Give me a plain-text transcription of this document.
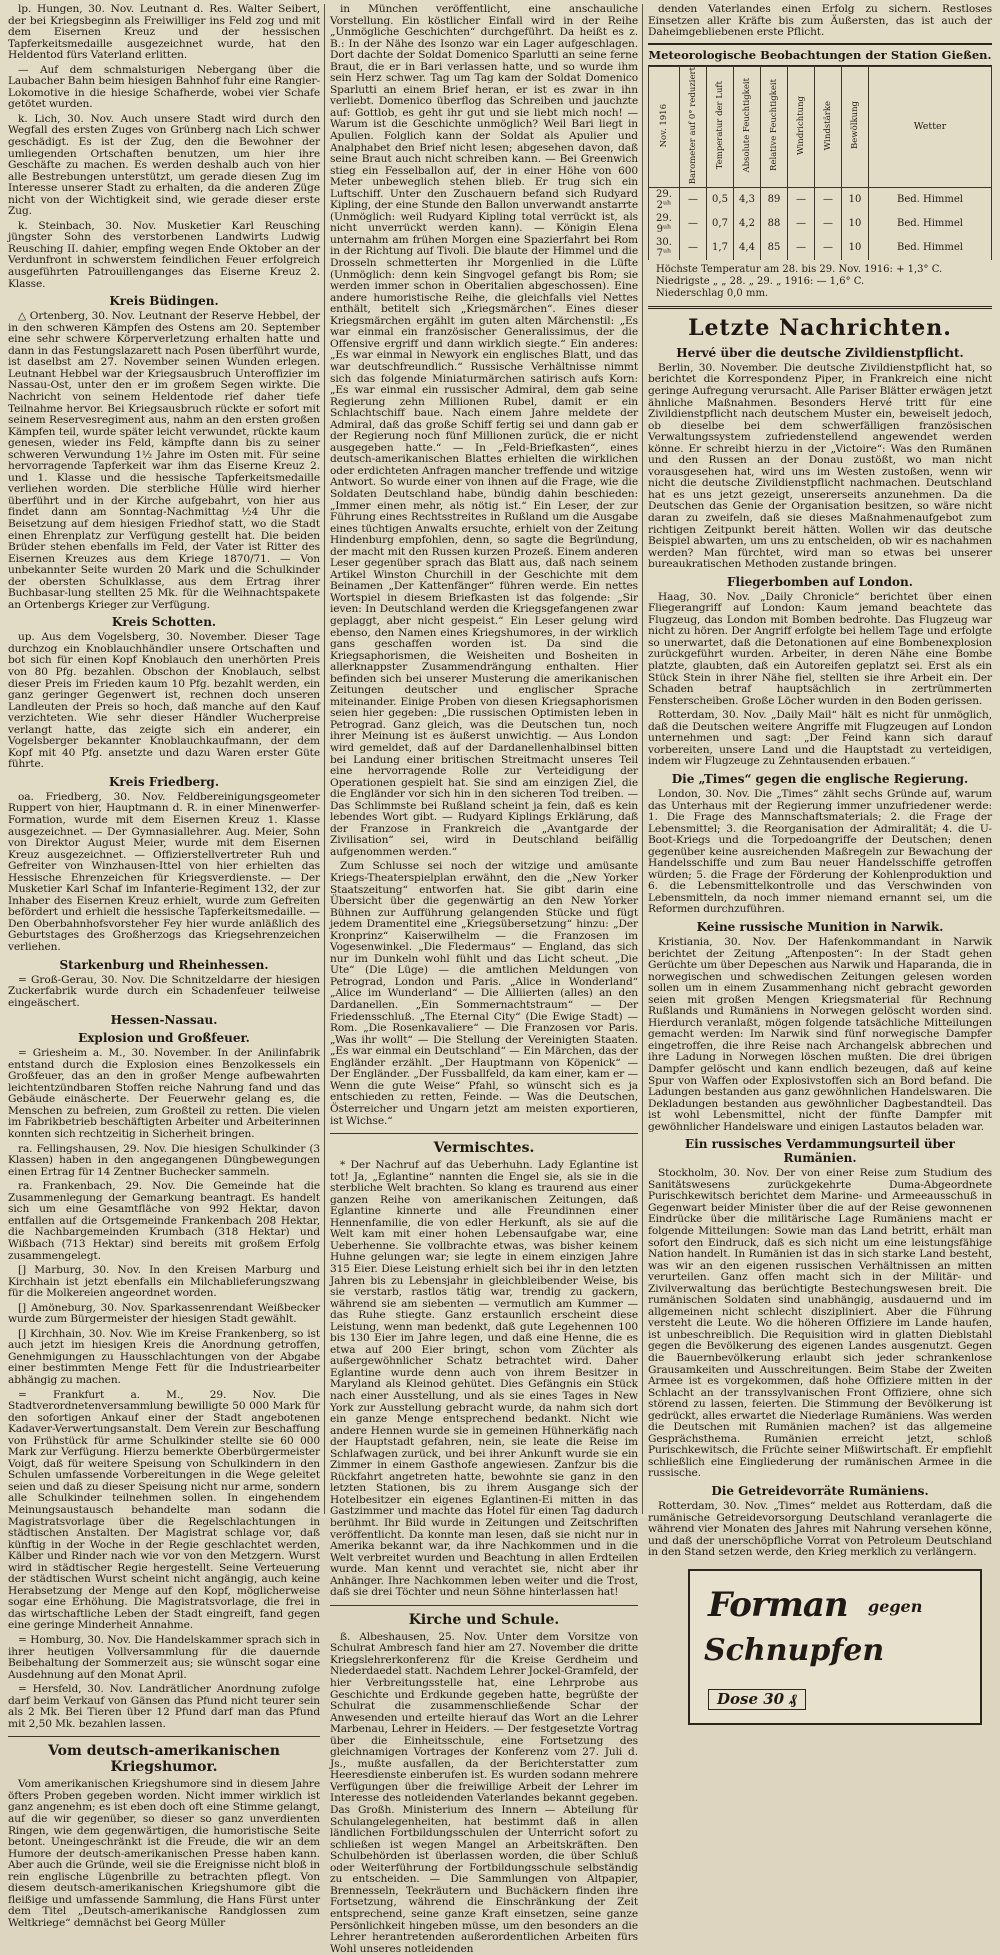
lp. Hungen, 30. Nov. Leutnant d. Res. Walter Seibert, der bei Kriegsbeginn als Freiwilliger ins Feld zog und mit dem Eisernen Kreuz und der hessischen Tapferkeitsmedaille ausgezeichnet wurde, hat den Heldentod fürs Vaterland erlitten.

— Auf dem schmalsturigen Nebergang über die Laubacher Bahn beim hiesigen Bahnhof fuhr eine Rangier-Lokomotive in die hiesige Schafherde, wobei vier Schafe getötet wurden.

k. Lich, 30. Nov. Auch unsere Stadt wird durch den Wegfall des ersten Zuges von Grünberg nach Lich schwer geschädigt. Es ist der Zug, den die Bewohner der umliegenden Ortschaften benutzen, um hier ihre Geschäfte zu machen. Es werden deshalb auch von hier alle Bestrebungen unterstützt, um gerade diesen Zug im Interesse unserer Stadt zu erhalten, da die anderen Züge nicht von der Wichtigkeit sind, wie gerade dieser erste Zug.

k. Steinbach, 30. Nov. Musketier Karl Reusching jüngster Sohn des verstorbenen Landwirts Ludwig Reusching II. dahier, empfing wegen Ende Oktober an der Verdunfront in schwerstem feindlichen Feuer erfolgreich ausgeführten Patrouillenganges das Eiserne Kreuz 2. Klasse.

Kreis Büdingen.

△ Ortenberg, 30. Nov. Leutnant der Reserve Hebbel, der in den schweren Kämpfen des Ostens am 20. September eine sehr schwere Körperverletzung erhalten hatte und dann in das Festungslazarett nach Posen überführt wurde, ist daselbst am 27. November seinen Wunden erlegen. Leutnant Hebbel war der Kriegsausbruch Unteroffizier im Nassau-Ost, unter den er im großem Segen wirkte. Die Nachricht von seinem Heldentode rief daher tiefe Teilnahme hervor. Bei Kriegsausbruch rückte er sofort mit seinem Reservesregiment aus, nahm an den ersten großen Kämpfen teil, wurde später leicht verwundet, rückte kaum genesen, wieder ins Feld, kämpfte dann bis zu seiner schweren Verwundung 1½ Jahre im Osten mit. Für seine hervorragende Tapferkeit war ihm das Eiserne Kreuz 2. und 1. Klasse und die hessische Tapferkeitsmedaille verliehen worden. Die sterbliche Hülle wird hierher überführt und in der Kirche aufgebahrt, von hier aus findet dann am Sonntag-Nachmittag ½4 Uhr die Beisetzung auf dem hiesigen Friedhof statt, wo die Stadt einen Ehrenplatz zur Verfügung gestellt hat. Die beiden Brüder stehen ebenfalls im Feld, der Vater ist Ritter des Eisernen Kreuzes aus dem Kriege 1870/71. — Von unbekannter Seite wurden 20 Mark und die Schulkinder der obersten Schulklasse, aus dem Ertrag ihrer Buchbasar-lung stellten 25 Mk. für die Weihnachtspakete an Ortenbergs Krieger zur Verfügung.

Kreis Schotten.

up. Aus dem Vogelsberg, 30. November. Dieser Tage durchzog ein Knoblauchhändler unsere Ortschaften und bot sich für einen Kopf Knoblauch den unerhörten Preis von 80 Pfg. bezahlen. Obschon der Knoblauch, selbst dieser Preis im Frieden kaum 10 Pfg. bezahlt werden, ein ganz geringer Gegenwert ist, rechnen doch unseren Landleuten der Preis so hoch, daß manche auf den Kauf verzichteten. Wie sehr dieser Händler Wucherpreise verlangt hatte, das zeigte sich ein anderer, ein Vogelsberger bekannter Knoblauchkaufmann, der dem Kopf mit 40 Pfg. ansetzte und dazu Waren erster Güte führte.

Kreis Friedberg.

oa. Friedberg, 30. Nov. Feldbereinigungsgeometer Ruppert von hier, Hauptmann d. R. in einer Minenwerfer-Formation, wurde mit dem Eisernen Kreuz 1. Klasse ausgezeichnet. — Der Gymnasiallehrer. Aug. Meier, Sohn von Direktor August Meier, wurde mit dem Eisernen Kreuz ausgezeichnet. — Offizierstellvertreter Ruh und Gefreiter von Winzhausen-Ittel von hier erhielten das Hessische Ehrenzeichen für Kriegsverdienste. — Der Musketier Karl Schaf im Infanterie-Regiment 132, der zur Inhaber des Eisernen Kreuz erhielt, wurde zum Gefreiten befördert und erhielt die hessische Tapferkeitsmedaille. — Den Oberbahnhofsvorsteher Fey hier wurde anläßlich des Geburtstages des Großherzogs das Kriegsehrenzeichen verliehen.

Starkenburg und Rheinhessen.

= Groß-Gerau, 30. Nov. Die Schnitzeldarre der hiesigen Zuckerfabrik wurde durch ein Schadenfeuer teilweise eingeäschert.

Hessen-Nassau.
Explosion und Großfeuer.

= Griesheim a. M., 30. November. In der Anilinfabrik entstand durch die Explosion eines Benzolkessels ein Großfeuer, das an den in großer Menge aufbewahrten leichtentzündbaren Stoffen reiche Nahrung fand und das Gebäude einäscherte. Der Feuerwehr gelang es, die Menschen zu befreien, zum Großteil zu retten. Die vielen im Fabrikbetrieb beschäftigten Arbeiter und Arbeiterinnen konnten sich rechtzeitig in Sicherheit bringen.

ra. Fellingshausen, 29. Nov. Die hiesigen Schulkinder (3 Klassen) haben in den angegangenen Düngbewegungen einen Ertrag für 14 Zentner Buchecker sammeln.

ra. Frankenbach, 29. Nov. Die Gemeinde hat die Zusammenlegung der Gemarkung beantragt. Es handelt sich um eine Gesamtfläche von 992 Hektar, davon entfallen auf die Ortsgemeinde Frankenbach 208 Hektar, die Nachbargemeinden Krumbach (318 Hektar) und Wißbach (713 Hektar) sind bereits mit großem Erfolg zusammengelegt.

[] Marburg, 30. Nov. In den Kreisen Marburg und Kirchhain ist jetzt ebenfalls ein Milchablieferungszwang für die Molkereien angeordnet worden.

[] Amöneburg, 30. Nov. Sparkassenrendant Weißbecker wurde zum Bürgermeister der hiesigen Stadt gewählt.

[] Kirchhain, 30. Nov. Wie im Kreise Frankenberg, so ist auch jetzt im hiesigen Kreis die Anordnung getroffen, Genehmigungen zu Hausschlachtungen von der Abgabe einer bestimmten Menge Fett für die Industriearbeiter abhängig zu machen.

= Frankfurt a. M., 29. Nov. Die Stadtverordnetenversammlung bewilligte 50 000 Mark für den sofortigen Ankauf einer der Stadt angebotenen Kadaver-Verwertungsanstalt. Dem Verein zur Beschaffung von Frühstück für arme Schulkinder stellte sie 60 000 Mark zur Verfügung. Hierzu bemerkte Oberbürgermeister Voigt, daß für weitere Speisung von Schulkindern in den Schulen umfassende Vorbereitungen in die Wege geleitet seien und daß zu dieser Speisung nicht nur arme, sondern alle Schulkinder teilnehmen sollen. In eingehendem Meinungsaustausch behandelte man sodann die Magistratsvorlage über die Regelschlachtungen in städtischen Anstalten. Der Magistrat schlage vor, daß künftig in der Woche in der Regie geschlachtet werden, Kälber und Rinder nach wie vor von den Metzgern. Wurst wird in städtischer Regie hergestellt. Seine Verteuerung der städtischen Wurst scheint nicht angängig, auch keine Herabsetzung der Menge auf den Kopf, möglicherweise sogar eine Erhöhung. Die Magistratsvorlage, die frei in das wirtschaftliche Leben der Stadt eingreift, fand gegen eine geringe Minderheit Annahme.

= Homburg, 30. Nov. Die Handelskammer sprach sich in ihrer heutigen Vollversammlung für die dauernde Beibehaltung der Sommerzeit aus; sie wünscht sogar eine Ausdehnung auf den Monat April.

= Hersfeld, 30. Nov. Landrätlicher Anordnung zufolge darf beim Verkauf von Gänsen das Pfund nicht teurer sein als 2 Mk. Bei Tieren über 12 Pfund darf man das Pfund mit 2,50 Mk. bezahlen lassen.

Vom deutsch-amerikanischen Kriegshumor.

Vom amerikanischen Kriegshumore sind in diesem Jahre öfters Proben gegeben worden. Nicht immer wirklich ist ganz angenehm; es ist eben doch oft eine Stimme gelangt, auf die wir gegenüber, so dieser so ganz unverdienten Ringen, wie dem gegenwärtigen, die humoristische Seite betont. Uneingeschränkt ist die Freude, die wir an dem Humore der deutsch-amerikanischen Presse haben kann. Aber auch die Gründe, weil sie die Ereignisse nicht bloß in rein englische Lügenbrille zu betrachten pflegt. Von diesem deutsch-amerikanischen Kriegshumore gibt die fleißige und umfassende Sammlung, die Hans Fürst unter dem Titel „Deutsch-amerikanische Randglossen zum Weltkriege“ demnächst bei Georg Müller

in München veröffentlicht, eine anschauliche Vorstellung. Ein köstlicher Einfall wird in der Reihe „Unmögliche Geschichten“ durchgeführt. Da heißt es z. B.: In der Nähe des Isonzo war ein Lager aufgeschlagen. Dort dachte der Soldat Domenico Sparlutti an seine ferne Braut, die er in Bari verlassen hatte, und so wurde ihm sein Herz schwer. Tag um Tag kam der Soldat Domenico Sparlutti an einem Brief heran, er ist es zwar in ihn verliebt. Domenico überflog das Schreiben und jauchzte auf: Gottlob, es geht ihr gut und sie liebt mich noch! — Warum ist die Geschichte unmöglich? Weil Bari liegt in Apulien. Folglich kann der Soldat als Apulier und Analphabet den Brief nicht lesen; abgesehen davon, daß seine Braut auch nicht schreiben kann. — Bei Greenwich stieg ein Fesselballon auf, der in einer Höhe von 600 Meter unbeweglich stehen blieb. Er trug sich ein Luftschiff. Unter den Zuschauern befand sich Rudyard Kipling, der eine Stunde den Ballon unverwandt anstarrte (Unmöglich: weil Rudyard Kipling total verrückt ist, als nicht unverrückt werden kann). — Königin Elena unternahm am frühen Morgen eine Spazierfahrt bei Rom in der Richtung auf Tivoli. Die blaute der Himmel und die Drosseln schmetterten ihr Morgenlied in die Lüfte (Unmöglich: denn kein Singvogel gefangt bis Rom; sie werden immer schon in Oberitalien abgeschossen). Eine andere humoristische Reihe, die gleichfalls viel Nettes enthält, betitelt sich „Kriegsmärchen“. Eines dieser Kriegsmärchen ergählt im guten alten Märchenstil: „Es war einmal ein französischer Generalissimus, der die Offensive ergriff und dann wirklich siegte.“ Ein anderes: „Es war einmal in Newyork ein englisches Blatt, und das war deutschfreundlich.“ Russische Verhältnisse nimmt sich das folgende Miniaturmärchen satirisch aufs Korn: „Es war einmal ein russischer Admiral, dem gab seine Regierung zehn Millionen Rubel, damit er ein Schlachtschiff baue. Nach einem Jahre meldete der Admiral, daß das große Schiff fertig sei und dann gab er der Regierung noch fünf Millionen zurück, die er nicht ausgegeben hatte.“ — In „Feld-Briefkasten“, eines deutsch-amerikanischen Blattes erhielten die wirklichen oder erdichteten Anfragen mancher treffende und witzige Antwort. So wurde einer von ihnen auf die Frage, wie die Soldaten Deutschland habe, bündig dahin beschieden: „Immer einen mehr, als nötig ist.“ Ein Leser, der zur Führung eines Rechtsstreites in Rußland um die Ausgabe eines tüchtigen Anwalts ersuchte, erhielt von der Zeitung Hindenburg empfohlen, denn, so sagte die Begründung, der macht mit den Russen kurzen Prozeß. Einem anderen Leser gegenüber sprach das Blatt aus, daß nach seinem Artikel Winston Churchill in der Geschichte mit dem Beinamen „Der Kattenfänger“ führen werde. Ein nettes Wortspiel in diesem Briefkasten ist das folgende: „Sir ieven: In Deutschland werden die Kriegsgefangenen zwar geplaggt, aber nicht gespeist.“ Ein Leser gelung wird ebenso, den Namen eines Kriegshumores, in der wirklich gans geschaffen worden ist. Da sind die Kriegsaphorismen, die Weisheiten und Bosheiten in allerknappster Zusammendrängung enthalten. Hier befinden sich bei unserer Musterung die amerikanischen Zeitungen deutscher und englischer Sprache miteinander. Einige Proben von diesen Kriegsaphorismen seien hier gegeben: „Die russischen Optimisten leben in Petrograd. Ganz gleich, was die Deutschen tun, noch ihrer Meinung ist es äußerst unwichtig. — Aus London wird gemeldet, daß auf der Dardanellenhalbinsel bitten bei Landung einer britischen Streitmacht unseres Teil eine hervorragende Rolle zur Verteidigung der Operationen gespielt hat. Sie sind am einzigen Ziel, die die Engländer vor sich hin in den sicheren Tod treiben. — Das Schlimmste bei Rußland scheint ja fein, daß es kein lebendes Wort gibt. — Rudyard Kiplings Erklärung, daß der Franzose in Frankreich die „Avantgarde der Zivilisation“ sei, wird in Deutschland beifällig aufgenommen werden.“

Zum Schlusse sei noch der witzige und amüsante Kriegs-Theaterspielplan erwähnt, den die „New Yorker Staatszeitung“ entworfen hat. Sie gibt darin eine Übersicht über die gegenwärtig an den New Yorker Bühnen zur Aufführung gelangenden Stücke und fügt jedem Dramentitel eine „Kriegsübersetzung“ hinzu: „Der Kronprinz“ Kaiserwilhelm — die Franzosen im Vogesenwinkel. „Die Fledermaus“ — England, das sich nur im Dunkeln wohl fühlt und das Licht scheut. „Die Ute“ (Die Lüge) — die amtlichen Meldungen von Petrograd, London und Paris. „Alice in Wonderland“ „Alice im Wunderland“ — Die Alliierten (alles) an den Dardanellen. „Ein Sommernachtstraum“ — Der Friedensschluß. „The Eternal City“ (Die Ewige Stadt) — Rom. „Die Rosenkavaliere“ — Die Franzosen vor Paris. „Was ihr wollt“ — Die Stellung der Vereinigten Staaten. „Es war einmal ein Deutschland“ — Ein Märchen, das der Engländer erzählt. „Der Hauptmann von Köpenick“ — Der Engländer. „Der Fussballfeld, da kam einer, kam er — Wenn die gute Weise“ Pfahl, so wünscht sich es ja entschieden zu retten, Feinde. — Was die Deutschen, Österreicher und Ungarn jetzt am meisten exportieren, ist Wichse.“

Vermischtes.

* Der Nachruf auf das Ueberhuhn. Lady Eglantine ist tot! Ja, „Eglantine“ nannten die Engel sie, als sie in die sterbliche Welt brachten. So klang es traurend aus einer ganzen Reihe von amerikanischen Zeitungen, daß Eglantine kinnerte und alle Freundinnen einer Hennenfamilie, die von edler Herkunft, als sie auf die Welt kam mit einer hohen Lebensaufgabe war, eine Ueberhenne. Sie vollbrachte etwas, was bisher keinem Huhne gelungen war; sie legte in einem einzigen Jahre 315 Eier. Diese Leistung erhielt sich bei ihr in den letzten Jahren bis zu Lebensjahr in gleichbleibender Weise, bis sie verstarb, rastlos tätig war, trendig zu gackern, während sie am siebenten — vermutlich am Kummer — das Ruhe stiegte. Ganz erstaunlich erscheint diese Leistung, wenn man bedenkt, daß gute Legehennen 100 bis 130 Eier im Jahre legen, und daß eine Henne, die es etwa auf 200 Eier bringt, schon vom Züchter als außergewöhnlicher Schatz betrachtet wird. Daher Eglantine wurde denn auch von ihrem Besitzer in Maryland als Kleinod gehütet. Dies Gefängnis ein Stück nach einer Ausstellung, und als sie eines Tages in New York zur Ausstellung gebracht wurde, da nahm sich dort ein ganze Menge entsprechend bedankt. Nicht wie andere Hennen wurde sie in gemeinen Hühnerkäfig nach der Hauptstadt gefahren, nein, sie leate die Reise im Schlafwagen zurück, und bei ihrer Ankunft wurde sie ein Zimmer in einem Gasthofe angewiesen. Zanfzur bis die Rückfahrt angetreten hatte, bewohnte sie ganz in den letzten Stationen, bis zu ihrem Ausgange sich der Hotelbesitzer ein eigenes Eglantinen-Ei mitten in das Gastzimmer und machte das Hotel für einen Tag dadurch berühmt. Ihr Bild wurde in Zeitungen und Zeitschriften veröffentlicht. Da konnte man lesen, daß sie nicht nur in Amerika bekannt war, da ihre Nachkommen und in die Welt verbreitet wurden und Beachtung in allen Erdteilen wurde. Man kennt und verachtet sie, nicht aber ihr Anhänger. Ihre Nachkommen leben weiter und die Trost, daß sie drei Töchter und neun Söhne hinterlassen hat!

Kirche und Schule.

ß. Albeshausen, 25. Nov. Unter dem Vorsitze von Schulrat Ambresch fand hier am 27. November die dritte Kriegslehrerkonferenz für die Kreise Gerdheim und Niederdaedel statt. Nachdem Lehrer Jockel-Gramfeld, der hier Verbreitungsstelle hat, eine Lehrprobe aus Geschichte und Erdkunde gegeben hatte, begrüßte der Schulrat die zusammenschließende Schar der Anwesenden und erteilte hierauf das Wort an die Lehrer Marbenau, Lehrer in Heiders. — Der festgesetzte Vortrag über die Einheitsschule, eine Fortsetzung des gleichnamigen Vortrages der Konferenz vom 27. Juli d. Js., mußte ausfallen, da der Berichterstatter zum Heeresdienste einberufen ist. Es wurden sodann mehrere Verfügungen über die freiwillige Arbeit der Lehrer im Interesse des notleidenden Vaterlandes bekannt gegeben. Das Großh. Ministerium des Innern — Abteilung für Schulangelegenheiten, hat bestimmt daß in allen ländlichen Fortbildungsschulen der Unterricht sofort zu schließen ist wegen Mangel an Arbeitskräften. Den Schulbehörden ist überlassen worden, die über Schluß oder Weiterführung der Fortbildungsschule selbständig zu entscheiden. — Die Sammlungen von Altpapier, Brennesseln, Teekräutern und Buchäckern finden ihre Fortsetzung, während die Einschränkung der Zeit entsprechend, seine ganze Kraft einsetzen, seine ganze Persönlichkeit hingeben müsse, um den besonders an die Lehrer herantretenden außerordentlichen Arbeiten fürs Wohl unseres notleidenden

denden Vaterlandes einen Erfolg zu sichern. Restloses Einsetzen aller Kräfte bis zum Äußersten, das ist auch der Daheimgebliebenen erste Pflicht.

Meteorologische Beobachtungen der Station Gießen.
Nov. 1916	Barometer auf 0° reduziert	Temperatur der Luft	Absolute Feuchtigkeit	Relative Feuchtigkeit	Windrichtung	Windstärke	Bewölkung	Wetter
29. 2ᵘʰ	—	0,5	4,3	89	—	—	10	Bed. Himmel
29. 9ᵘʰ	—	0,7	4,2	88	—	—	10	Bed. Himmel
30. 7ᵘʰ	—	1,7	4,4	85	—	—	10	Bed. Himmel
Höchste Temperatur am 28. bis 29. Nov. 1916: + 1,3° C.
Niedrigste „ „ 28. „ 29. „ 1916: — 1,6° C.
Niederschlag 0,0 mm.
Letzte Nachrichten.
Hervé über die deutsche Zivildienstpflicht.

Berlin, 30. November. Die deutsche Zivildienstpflicht hat, so berichtet die Korrespondenz Piper, in Frankreich eine nicht geringe Aufregung verursacht. Alle Pariser Blätter erwägen jetzt ähnliche Maßnahmen. Besonders Hervé tritt für eine Zivildienstpflicht nach deutschem Muster ein, beweiselt jedoch, ob dieselbe bei dem schwerfälligen französischen Verwaltungssystem zufriedenstellend angewendet werden könne. Er schreibt hierzu in der „Victoire“: Was den Rumänen und den Russen an der Donau zustößt, wo man nicht vorausgesehen hat, wird uns im Westen zustoßen, wenn wir nicht die deutsche Zivildienstpflicht nachmachen. Deutschland hat es uns jetzt gezeigt, unsererseits anzunehmen. Da die Deutschen das Genie der Organisation besitzen, so wäre nicht daran zu zweifeln, daß sie dieses Maßnahmenaufgebot zum richtigen Zeitpunkt bereit hätten. Wollen wir das deutsche Beispiel abwarten, um uns zu entscheiden, ob wir es nachahmen werden? Man fürchtet, wird man so etwas bei unserer bureaukratischen Methoden zustande bringen.

Fliegerbomben auf London.

Haag, 30. Nov. „Daily Chronicle“ berichtet über einen Fliegerangriff auf London: Kaum jemand beachtete das Flugzeug, das London mit Bomben bedrohte. Das Flugzeug war nicht zu hören. Der Angriff erfolgte bei hellem Tage und erfolgte so unerwartet, daß die Detonationen auf eine Bombenexplosion zurückgeführt wurden. Arbeiter, in deren Nähe eine Bombe platzte, glaubten, daß ein Autoreifen geplatzt sei. Erst als ein Stück Stein in ihrer Nähe fiel, stellten sie ihre Arbeit ein. Der Schaden betraf hauptsächlich in zertrümmerten Fensterscheiben. Große Löcher wurden in den Boden gerissen.

Rotterdam, 30. Nov. „Daily Mail“ hält es nicht für unmöglich, daß die Deutschen weitere Angriffe mit Flugzeugen auf London unternehmen und sagt: „Der Feind kann sich darauf vorbereiten, unsere Land und die Hauptstadt zu verteidigen, indem wir Flugzeuge zu Zehntausenden erbauen.“

Die „Times“ gegen die englische Regierung.

London, 30. Nov. Die „Times“ zählt sechs Gründe auf, warum das Unterhaus mit der Regierung immer unzufriedener werde: 1. Die Frage des Mannschaftsmaterials; 2. die Frage der Lebensmittel; 3. die Reorganisation der Admiralität; 4. die U-Boot-Kriegs und die Torpedoangriffe der Deutschen; denen gegenüber keine ausreichenden Maßregeln zur Bewachung der Handelsschiffe und zum Bau neuer Handelsschiffe getroffen würden; 5. die Frage der Förderung der Kohlenproduktion und 6. die Lebensmittelkontrolle und das Verschwinden von Lebensmitteln, da noch immer niemand ernannt sei, um die Reformen durchzuführen.

Keine russische Munition in Narwik.

Kristiania, 30. Nov. Der Hafenkommandant in Narwik berichtet der Zeitung „Aftenposten“: In der Stadt gehen Gerüchte um über Depeschen aus Narwik und Haparanda, die in norwegischen und schwedischen Zeitungen gelesen worden sollen um in einem Zusammenhang nicht gebracht geworden seien mit großen Mengen Kriegsmaterial für Rechnung Rußlands und Rumäniens in Norwegen gelöscht worden sind. Hierdurch veranlaßt, mögen folgende tatsächliche Mitteilungen gemacht werden: Im Narwik sind fünf norwegische Dampfer eingetroffen, die ihre Reise nach Archangelsk abbrechen und ihre Ladung in Norwegen löschen mußten. Die drei übrigen Dampfer gelöscht und kann endlich bezeugen, daß auf keine Spur von Waffen oder Explosivstoffen sich an Bord befand. Die Ladungen bestanden aus ganz gewöhnlichen Handelswaren. Die Dekladungen bestanden aus gewöhnlicher Dagbestandteil. Das ist wohl Lebensmittel, nicht der fünfte Dampfer mit gewöhnlicher Handelsware und einigen Lastautos beladen war.

Ein russisches Verdammungsurteil über Rumänien.

Stockholm, 30. Nov. Der von einer Reise zum Studium des Sanitätswesens zurückgekehrte Duma-Abgeordnete Purischkewitsch berichtet dem Marine- und Armeeausschuß in Gegenwart beider Minister über die auf der Reise gewonnenen Eindrücke über die militärische Lage Rumäniens macht er folgende Mitteilungen: Sowie man das Land betritt, erhält man sofort den Eindruck, daß es sich nicht um eine leistungsfähige Nation handelt. In Rumänien ist das in sich starke Land besteht, was wir an den eigenen russischen Verhältnissen an mitten verurteilen. Ganz offen macht sich in der Militär- und Zivilverwaltung das berüchtigte Bestechungswesen breit. Die rumänischen Soldaten sind unabhängig, ausdauernd und im allgemeinen nicht schlecht diszipliniert. Aber die Führung versteht die Leute. Wo die höheren Offiziere im Lande haufen, ist unbeschreiblich. Die Requisition wird in glatten Dieblstahl gegen die Bevölkerung des eigenen Landes ausgenutzt. Gegen die Bauernbevölkerung erlaubt sich jeder schrankenlose Grausamkeiten und Ausschreitungen. Beim Stabe der Zweiten Armee ist es vorgekommen, daß hohe Offiziere mitten in der Schlacht an der transsylvanischen Front Offiziere, ohne sich störend zu lassen, feierten. Die Stimmung der Bevölkerung ist gedrückt, alles erwartet die Niederlage Rumäniens. Was werden die Deutschen mit Rumänien machen? ist das allgemeine Gesprächsthema. Rumänien erreicht jetzt, schloß Purischkewitsch, die Früchte seiner Mißwirtschaft. Er empfiehlt schließlich eine Eingliederung der rumänischen Armee in die russische.

Die Getreidevorräte Rumäniens.

Rotterdam, 30. Nov. „Times“ meldet aus Rotterdam, daß die rumänische Getreidevorsorgung Deutschland veranlagerte die während vier Monaten des Jahres mit Nahrung versehen könne, und daß der unerschöpfliche Vorrat von Petroleum Deutschland in den Stand setzen werde, den Krieg merklich zu verlängern.

Forman gegen
Schnupfen
Dose 30 ₰
